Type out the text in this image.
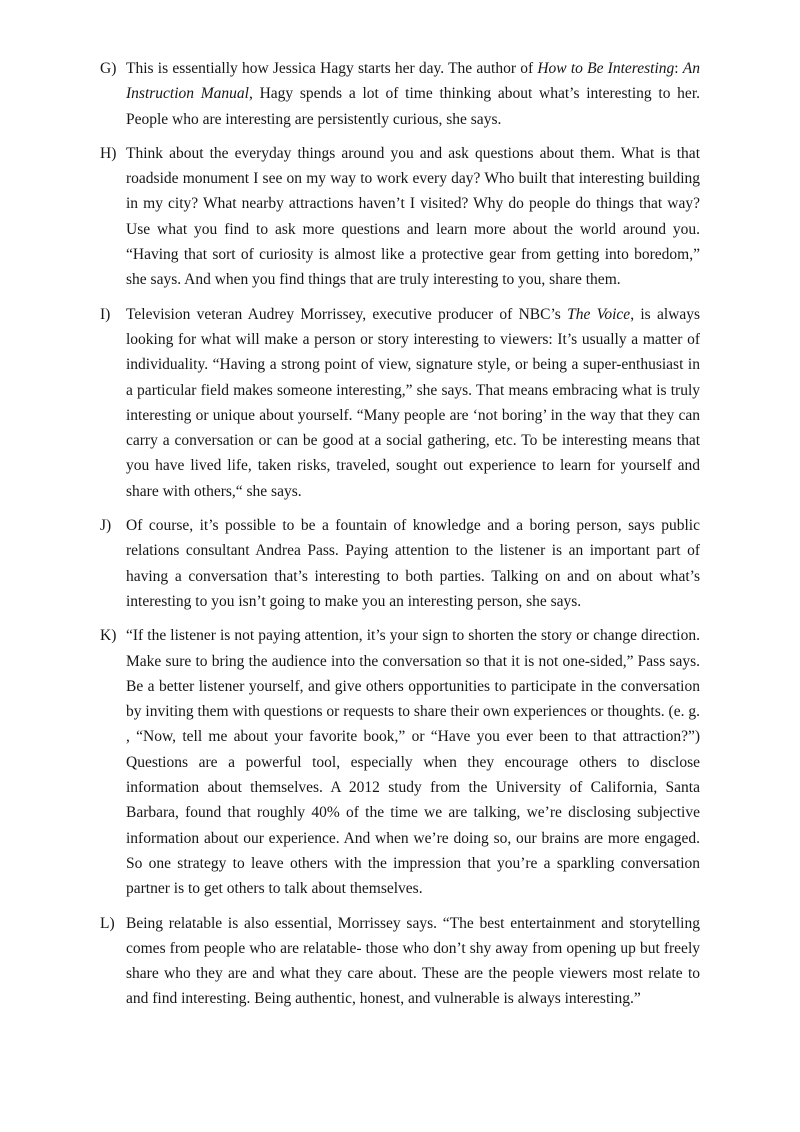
G) This is essentially how Jessica Hagy starts her day. The author of How to Be Interesting: An Instruction Manual, Hagy spends a lot of time thinking about what’s interesting to her. People who are interesting are persistently curious, she says.
H) Think about the everyday things around you and ask questions about them. What is that roadside monument I see on my way to work every day? Who built that interesting building in my city? What nearby attractions haven’t I visited? Why do people do things that way? Use what you find to ask more questions and learn more about the world around you. “Having that sort of curiosity is almost like a protective gear from getting into boredom,” she says. And when you find things that are truly interesting to you, share them.
I) Television veteran Audrey Morrissey, executive producer of NBC’s The Voice, is always looking for what will make a person or story interesting to viewers: It’s usually a matter of individuality. “Having a strong point of view, signature style, or being a super-enthusiast in a particular field makes someone interesting,” she says. That means embracing what is truly interesting or unique about yourself. “Many people are ‘not boring’ in the way that they can carry a conversation or can be good at a social gathering, etc. To be interesting means that you have lived life, taken risks, traveled, sought out experience to learn for yourself and share with others,“ she says.
J) Of course, it’s possible to be a fountain of knowledge and a boring person, says public relations consultant Andrea Pass. Paying attention to the listener is an important part of having a conversation that’s interesting to both parties. Talking on and on about what’s interesting to you isn’t going to make you an interesting person, she says.
K) “If the listener is not paying attention, it’s your sign to shorten the story or change direction. Make sure to bring the audience into the conversation so that it is not one-sided,” Pass says. Be a better listener yourself, and give others opportunities to participate in the conversation by inviting them with questions or requests to share their own experiences or thoughts. (e. g. , “Now, tell me about your favorite book,” or “Have you ever been to that attraction?”) Questions are a powerful tool, especially when they encourage others to disclose information about themselves. A 2012 study from the University of California, Santa Barbara, found that roughly 40% of the time we are talking, we’re disclosing subjective information about our experience. And when we’re doing so, our brains are more engaged. So one strategy to leave others with the impression that you’re a sparkling conversation partner is to get others to talk about themselves.
L) Being relatable is also essential, Morrissey says. “The best entertainment and storytelling comes from people who are relatable- those who don’t shy away from opening up but freely share who they are and what they care about. These are the people viewers most relate to and find interesting. Being authentic, honest, and vulnerable is always interesting.”
